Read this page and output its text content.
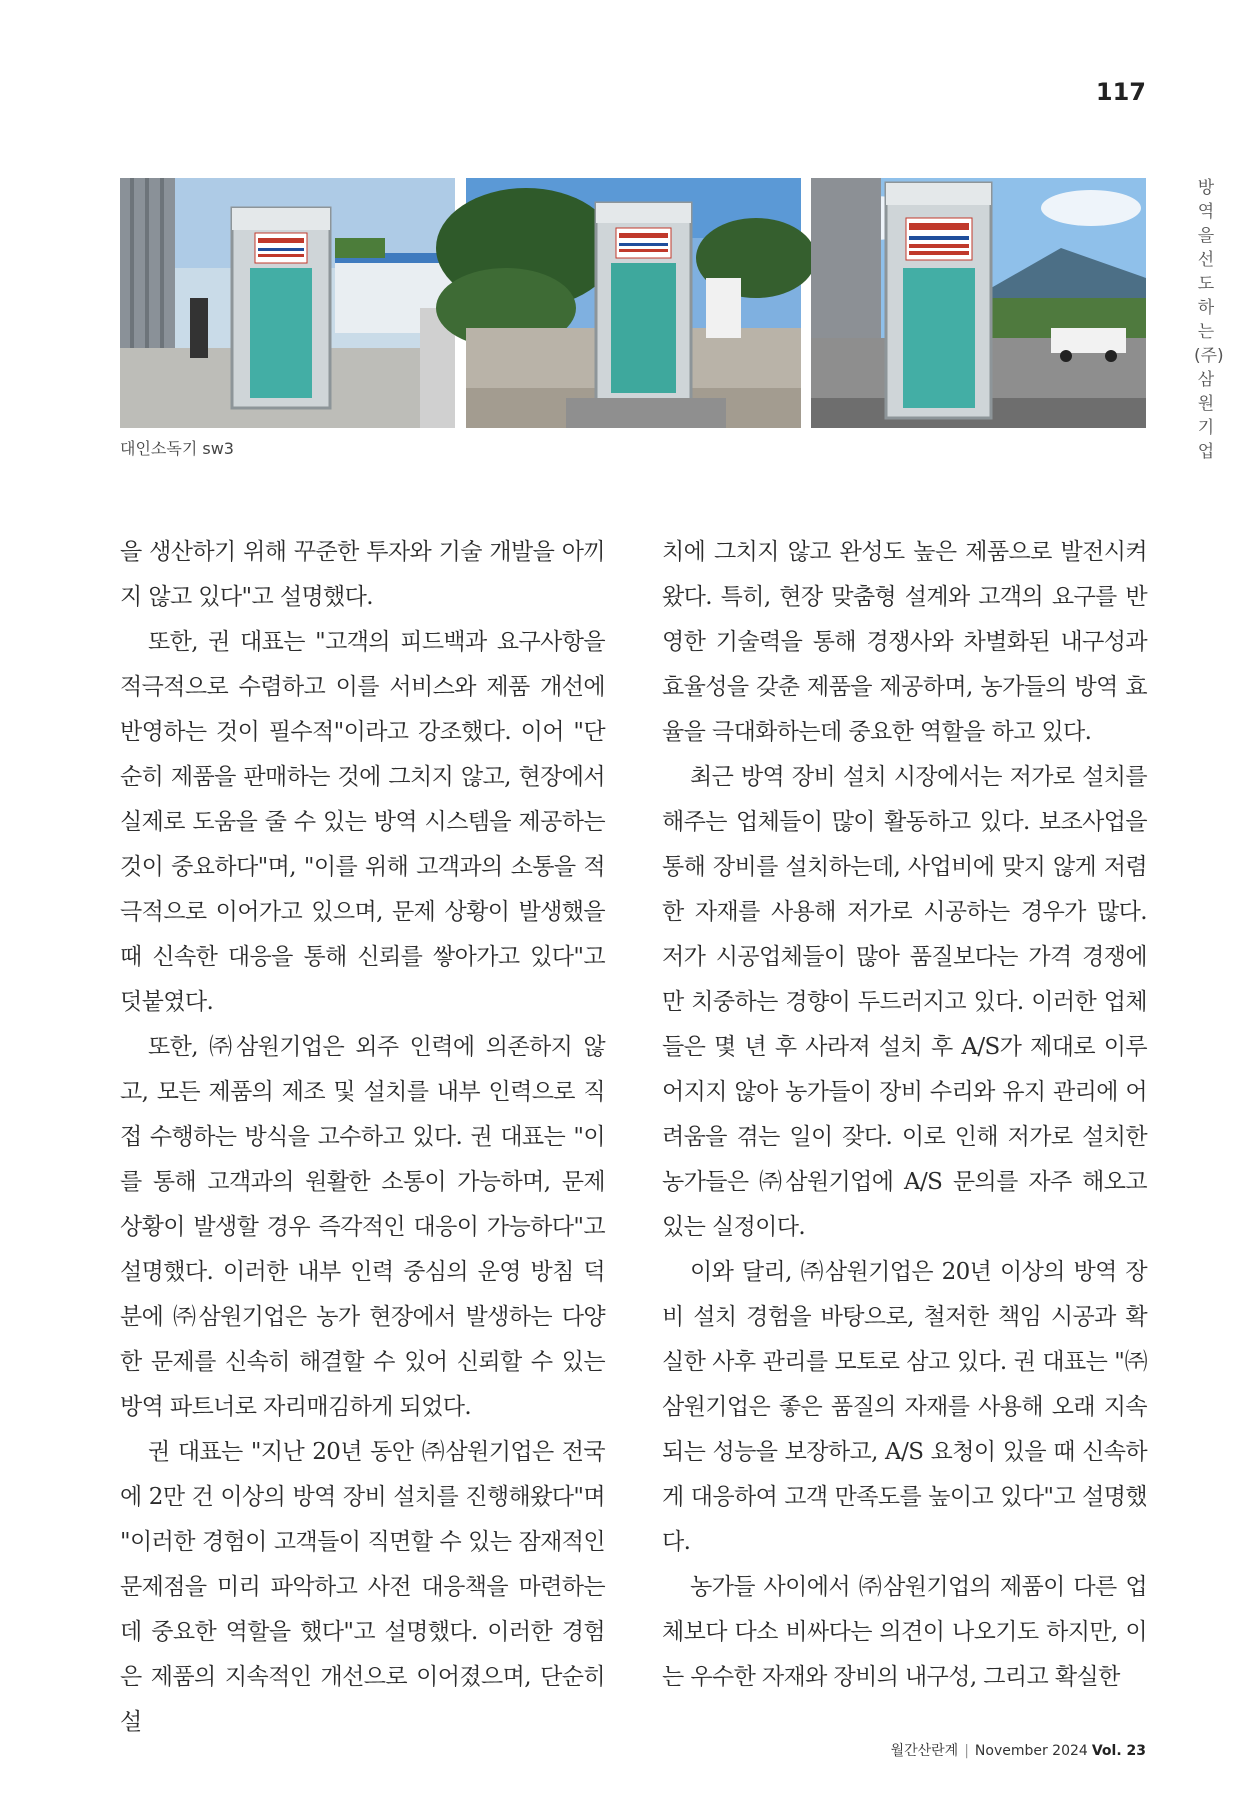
117
방역을 선도하는 (주)삼원기업
대인소독기 sw3

을 생산하기 위해 꾸준한 투자와 기술 개발을 아끼지 않고 있다"고 설명했다.

또한, 권 대표는 "고객의 피드백과 요구사항을 적극적으로 수렴하고 이를 서비스와 제품 개선에 반영하는 것이 필수적"이라고 강조했다. 이어 "단순히 제품을 판매하는 것에 그치지 않고, 현장에서 실제로 도움을 줄 수 있는 방역 시스템을 제공하는 것이 중요하다"며, "이를 위해 고객과의 소통을 적극적으로 이어가고 있으며, 문제 상황이 발생했을 때 신속한 대응을 통해 신뢰를 쌓아가고 있다"고 덧붙였다.

또한, ㈜삼원기업은 외주 인력에 의존하지 않고, 모든 제품의 제조 및 설치를 내부 인력으로 직접 수행하는 방식을 고수하고 있다. 권 대표는 "이를 통해 고객과의 원활한 소통이 가능하며, 문제 상황이 발생할 경우 즉각적인 대응이 가능하다"고 설명했다. 이러한 내부 인력 중심의 운영 방침 덕분에 ㈜삼원기업은 농가 현장에서 발생하는 다양한 문제를 신속히 해결할 수 있어 신뢰할 수 있는 방역 파트너로 자리매김하게 되었다.

권 대표는 "지난 20년 동안 ㈜삼원기업은 전국에 2만 건 이상의 방역 장비 설치를 진행해왔다"며 "이러한 경험이 고객들이 직면할 수 있는 잠재적인 문제점을 미리 파악하고 사전 대응책을 마련하는데 중요한 역할을 했다"고 설명했다. 이러한 경험은 제품의 지속적인 개선으로 이어졌으며, 단순히 설

치에 그치지 않고 완성도 높은 제품으로 발전시켜왔다. 특히, 현장 맞춤형 설계와 고객의 요구를 반영한 기술력을 통해 경쟁사와 차별화된 내구성과 효율성을 갖춘 제품을 제공하며, 농가들의 방역 효율을 극대화하는데 중요한 역할을 하고 있다.

최근 방역 장비 설치 시장에서는 저가로 설치를 해주는 업체들이 많이 활동하고 있다. 보조사업을 통해 장비를 설치하는데, 사업비에 맞지 않게 저렴한 자재를 사용해 저가로 시공하는 경우가 많다. 저가 시공업체들이 많아 품질보다는 가격 경쟁에만 치중하는 경향이 두드러지고 있다. 이러한 업체들은 몇 년 후 사라져 설치 후 A/S가 제대로 이루어지지 않아 농가들이 장비 수리와 유지 관리에 어려움을 겪는 일이 잦다. 이로 인해 저가로 설치한 농가들은 ㈜삼원기업에 A/S 문의를 자주 해오고 있는 실정이다.

이와 달리, ㈜삼원기업은 20년 이상의 방역 장비 설치 경험을 바탕으로, 철저한 책임 시공과 확실한 사후 관리를 모토로 삼고 있다. 권 대표는 "㈜삼원기업은 좋은 품질의 자재를 사용해 오래 지속되는 성능을 보장하고, A/S 요청이 있을 때 신속하게 대응하여 고객 만족도를 높이고 있다"고 설명했다.

농가들 사이에서 ㈜삼원기업의 제품이 다른 업체보다 다소 비싸다는 의견이 나오기도 하지만, 이는 우수한 자재와 장비의 내구성, 그리고 확실한

월간산란계 | November 2024 Vol. 23
